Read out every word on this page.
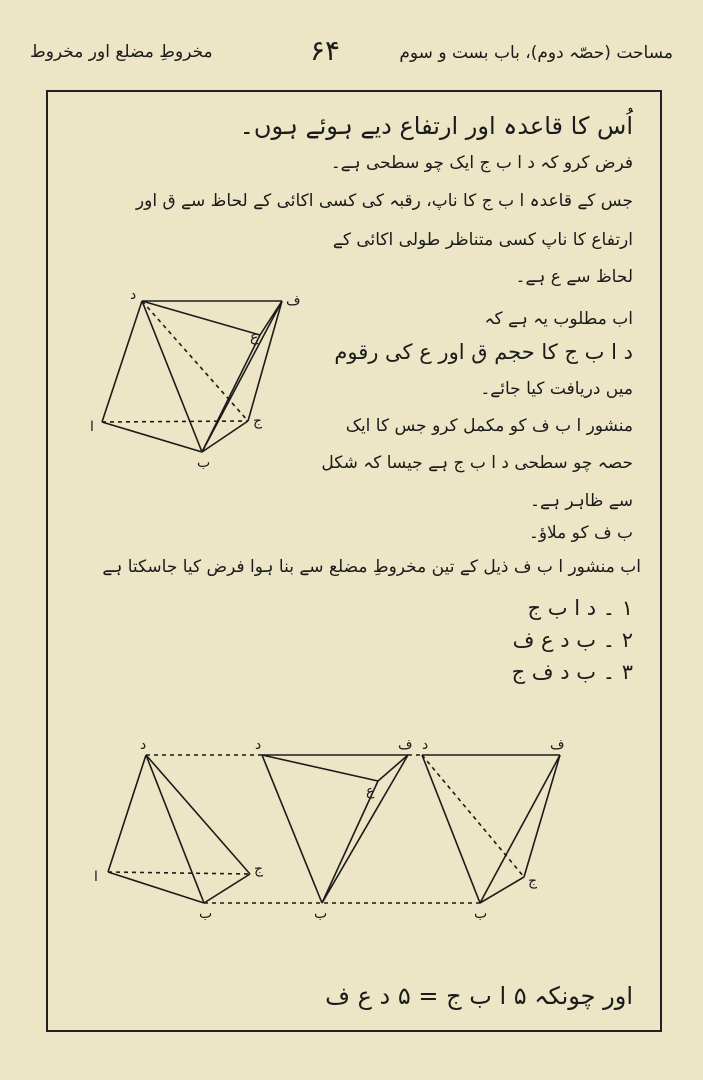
مساحت (حصّہ دوم)، باب بست و سوم
۶۴
مخروطِ مضلع اور مخروط
اُس کا قاعدہ اور ارتفاع دیے ہوئے ہوں۔
فرض کرو کہ د ا ب ج ایک چو سطحی ہے۔
جس کے قاعدہ ا ب ج کا ناپ، رقبہ کی کسی اکائی کے لحاظ سے ق اور
ارتفاع کا ناپ کسی متناظر طولی اکائی کے
لحاظ سے ع ہے۔
اب مطلوب یہ ہے کہ
د ا ب ج کا حجم ق اور ع کی رقوم
میں دریافت کیا جائے۔
منشور ا ب ف کو مکمل کرو جس کا ایک
حصہ چو سطحی د ا ب ج ہے جیسا کہ شکل
سے ظاہر ہے۔
ب ف کو ملاؤ۔
اب منشور ا ب ف ذیل کے تین مخروطِ مضلع سے بنا ہوا فرض کیا جاسکتا ہے
۱ ۔ د ا ب ج
۲ ۔ ب د ع ف
۳ ۔ ب د ف ج
اور چونکہ ۵ ا ب ج = ۵ د ع ف
د	ف
ا
ب
ج
ع
د
ا
ب
ج
د	ف
ع
ب
د	ف
ج
ب
